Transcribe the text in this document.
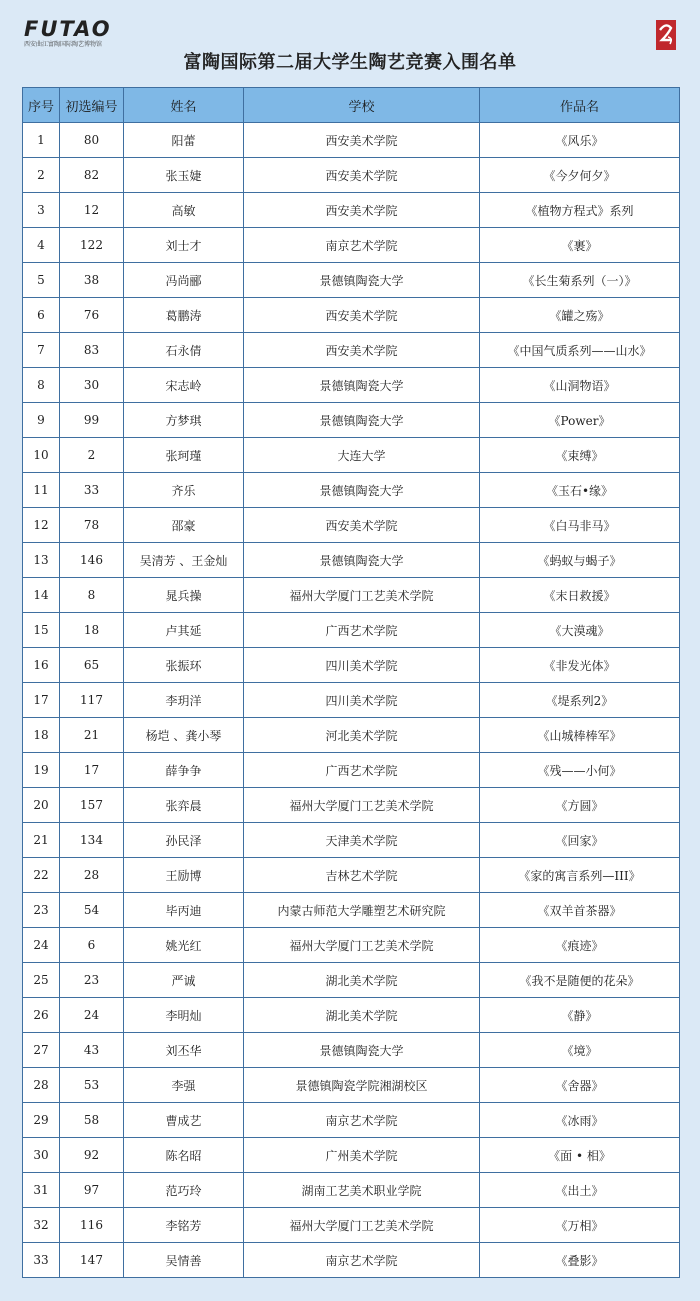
FUTAO
西安曲江富陶国际陶艺博物馆
富陶国际第二届大学生陶艺竞赛入围名单
序号	初选编号	姓名	学校	作品名
1	80	阳蕾	西安美术学院	《风乐》
2	82	张玉婕	西安美术学院	《今夕何夕》
3	12	高敏	西安美术学院	《植物方程式》系列
4	122	刘士才	南京艺术学院	《裹》
5	38	冯尚郦	景德镇陶瓷大学	《长生菊系列（一）》
6	76	葛鹏涛	西安美术学院	《罐之殇》
7	83	石永倩	西安美术学院	《中国气质系列——山水》
8	30	宋志岭	景德镇陶瓷大学	《山洞物语》
9	99	方梦琪	景德镇陶瓷大学	《Power》
10	2	张珂瑾	大连大学	《束缚》
11	33	齐乐	景德镇陶瓷大学	《玉石•缘》
12	78	邵豪	西安美术学院	《白马非马》
13	146	吴清芳 、王金灿	景德镇陶瓷大学	《蚂蚁与蝎子》
14	8	晁兵操	福州大学厦门工艺美术学院	《末日救援》
15	18	卢其延	广西艺术学院	《大漠魂》
16	65	张振环	四川美术学院	《非发光体》
17	117	李玥洋	四川美术学院	《堤系列2》
18	21	杨垲 、龚小琴	河北美术学院	《山城棒棒军》
19	17	薛争争	广西艺术学院	《残——小何》
20	157	张弈晨	福州大学厦门工艺美术学院	《方圆》
21	134	孙民泽	天津美术学院	《回家》
22	28	王励博	吉林艺术学院	《家的寓言系列—III》
23	54	毕丙迪	内蒙古师范大学雕塑艺术研究院	《双羊首茶器》
24	6	姚光红	福州大学厦门工艺美术学院	《痕迹》
25	23	严诚	湖北美术学院	《我不是随便的花朵》
26	24	李明灿	湖北美术学院	《静》
27	43	刘丕华	景德镇陶瓷大学	《境》
28	53	李强	景德镇陶瓷学院湘湖校区	《舍器》
29	58	曹成艺	南京艺术学院	《冰雨》
30	92	陈名昭	广州美术学院	《面 • 相》
31	97	范巧玲	湖南工艺美术职业学院	《出土》
32	116	李铭芳	福州大学厦门工艺美术学院	《万相》
33	147	吴情善	南京艺术学院	《叠影》
